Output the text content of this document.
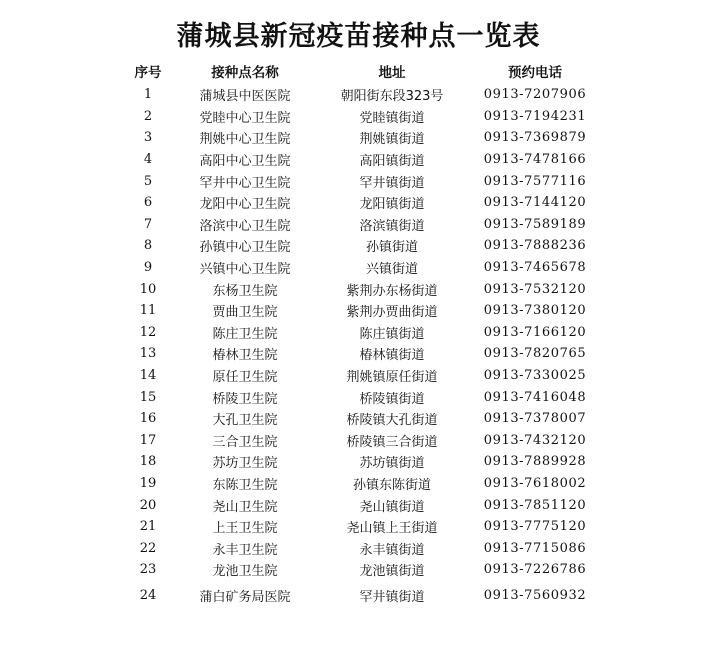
蒲城县新冠疫苗接种点一览表
序号	接种点名称	地址	预约电话
1	蒲城县中医医院	朝阳街东段323号	0913-7207906
2	党睦中心卫生院	党睦镇街道	0913-7194231
3	荆姚中心卫生院	荆姚镇街道	0913-7369879
4	高阳中心卫生院	高阳镇街道	0913-7478166
5	罕井中心卫生院	罕井镇街道	0913-7577116
6	龙阳中心卫生院	龙阳镇街道	0913-7144120
7	洛滨中心卫生院	洛滨镇街道	0913-7589189
8	孙镇中心卫生院	孙镇街道	0913-7888236
9	兴镇中心卫生院	兴镇街道	0913-7465678
10	东杨卫生院	紫荆办东杨街道	0913-7532120
11	贾曲卫生院	紫荆办贾曲街道	0913-7380120
12	陈庄卫生院	陈庄镇街道	0913-7166120
13	椿林卫生院	椿林镇街道	0913-7820765
14	原任卫生院	荆姚镇原任街道	0913-7330025
15	桥陵卫生院	桥陵镇街道	0913-7416048
16	大孔卫生院	桥陵镇大孔街道	0913-7378007
17	三合卫生院	桥陵镇三合街道	0913-7432120
18	苏坊卫生院	苏坊镇街道	0913-7889928
19	东陈卫生院	孙镇东陈街道	0913-7618002
20	尧山卫生院	尧山镇街道	0913-7851120
21	上王卫生院	尧山镇上王街道	0913-7775120
22	永丰卫生院	永丰镇街道	0913-7715086
23	龙池卫生院	龙池镇街道	0913-7226786
24	蒲白矿务局医院	罕井镇街道	0913-7560932
